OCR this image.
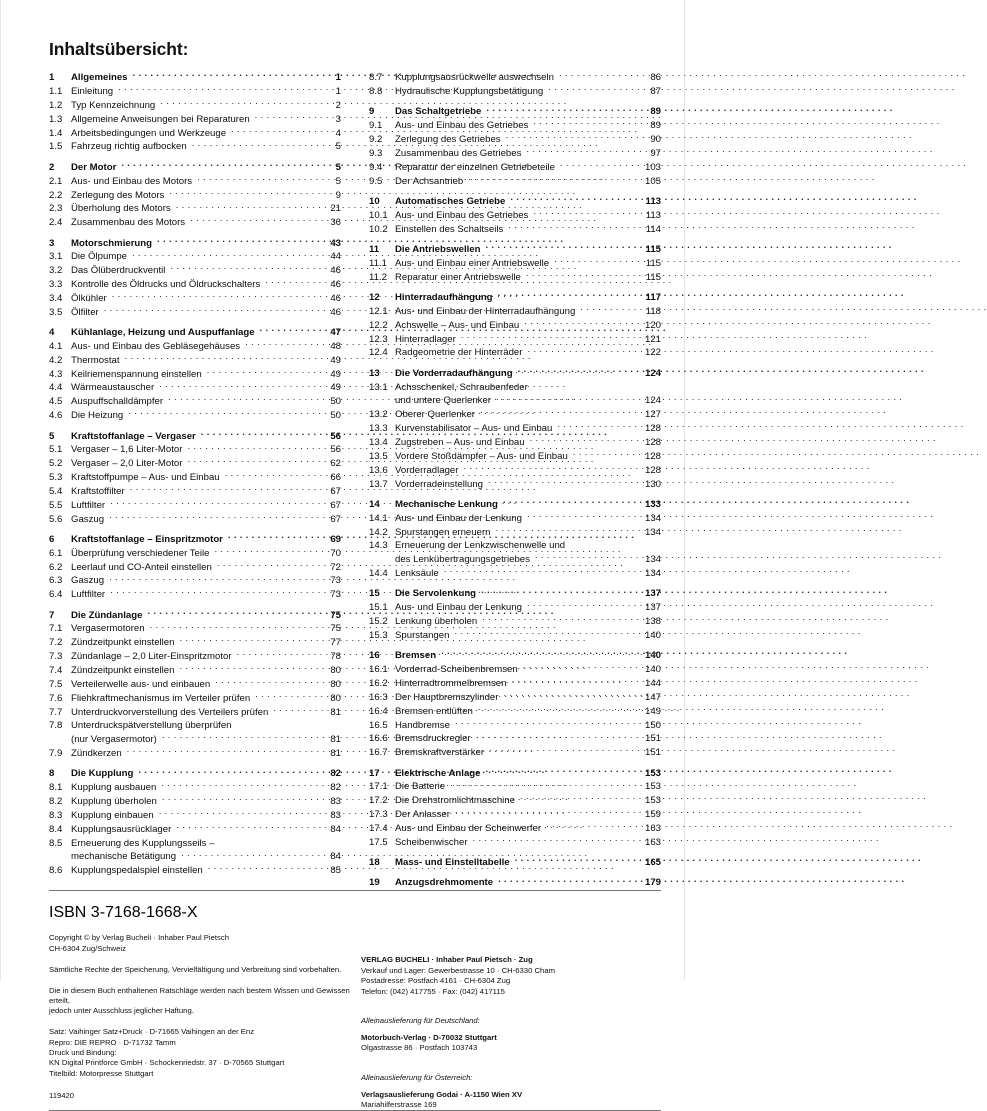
Inhaltsübersicht:
1	Allgemeines . . .	1
1.1 Einleitung . . .	1
1.2 Typ Kennzeichnung . . .	2
1.3 Allgemeine Anweisungen bei Reparaturen . . .	3
1.4 Arbeitsbedingungen und Werkzeuge . . .	4
1.5 Fahrzeug richtig aufbocken . . .	5
2	Der Motor . . .	5
2.1 Aus- und Einbau des Motors . . .	5
2.2 Zerlegung des Motors . . .	9
2.3 Überholung des Motors . . .	21
2.4 Zusammenbau des Motors . . .	36
3	Motorschmierung . . .	43
3.1 Die Ölpumpe . . .	44
3.2 Das Ölüberdruckventil . . .	46
3.3 Kontrolle des Öldrucks und Öldruckschalters . . .	46
3.4 Ölkühler . . .	46
3.5 Ölfilter . . .	46
4	Kühlanlage, Heizung und Auspuffanlage . . .	47
4.1 Aus- und Einbau des Gebläsegehäuses . . .	48
4.2 Thermostat . . .	49
4.3 Keilriemenspannung einstellen . . .	49
4.4 Wärmeaustauscher . . .	49
4.5 Auspuffschalldämpfer . . .	50
4.6 Die Heizung . . .	50
5	Kraftstoffanlage – Vergaser . . .	56
5.1 Vergaser – 1,6 Liter-Motor . . .	56
5.2 Vergaser – 2,0 Liter-Motor . . .	62
5.3 Kraftstoffpumpe – Aus- und Einbau . . .	66
5.4 Kraftstoffilter . . .	67
5.5 Luftfilter . . .	67
5.6 Gaszug . . .	67
6	Kraftstoffanlage – Einspritzmotor . . .	69
6.1 Überprüfung verschiedener Teile . . .	70
6.2 Leerlauf und CO-Anteil einstellen . . .	72
6.3 Gaszug . . .	73
6.4 Luftfilter . . .	73
7	Die Zündanlage . . .	75
7.1 Vergasermotoren . . .	75
7.2 Zündzeitpunkt einstellen . . .	77
7.3 Zündanlage – 2,0 Liter-Einspritzmotor . . .	78
7.4 Zündzeitpunkt einstellen . . .	80
7.5 Verteilerwelle aus- und einbauen . . .	80
7.6 Fliehkraftmechanismus im Verteiler prüfen . . .	80
7.7 Unterdruckvorverstellung des Verteilers prüfen . . .	81
7.8 Unterdruckspätverstellung überprüfen
(nur Vergasermotor) . . .	81
7.9 Zündkerzen . . .	81
8	Die Kupplung . . .	82
8.1 Kupplung ausbauen . . .	82
8.2 Kupplung überholen . . .	83
8.3 Kupplung einbauen . . .	83
8.4 Kupplungsausrücklager . . .	84
8.5 Erneuerung des Kupplungsseils –
mechanische Betätigung . . .	84
8.6 Kupplungspedalspiel einstellen . . .	85
8.7	Kupplungsausrückwelle auswechseln . . .	86
8.8	Hydraulische Kupplungsbetätigung . . .	87
9	Das Schaltgetriebe . . .	89
9.1	Aus- und Einbau des Getriebes . . .	89
9.2	Zerlegung des Getriebes . . .	90
9.3	Zusammenbau des Getriebes . . .	97
9.4	Reparatur der einzelnen Getriebeteile . . .	103
9.5	Der Achsantrieb . . .	105
10	Automatisches Getriebe . . .	113
10.1 Aus- und Einbau des Getriebes . . .	113
10.2 Einstellen des Schaltseils . . .	114
11	Die Antriebswellen . . .	115
11.1 Aus- und Einbau einer Antriebswelle . . .	115
11.2 Reparatur einer Antriebswelle . . .	115
12	Hinterradaufhängung . . .	117
12.1 Aus- und Einbau der Hinterradaufhängung . . .	118
12.2 Achswelle – Aus- und Einbau . . .	120
12.3 Hinterradlager . . .	121
12.4 Radgeometrie der Hinterräder . . .	122
13	Die Vorderradaufhängung . . .	124
13.1 Achsschenkel, Schraubenfeder
und untere Querlenker . . .	124
13.2 Oberer Querlenker . . .	127
13.3 Kurvenstabilisator – Aus- und Einbau . . .	128
13.4 Zugstreben – Aus- und Einbau . . .	128
13.5 Vordere Stoßdämpfer – Aus- und Einbau . . .	128
13.6 Vorderradlager . . .	128
13.7 Vorderradeinstellung . . .	130
14	Mechanische Lenkung . . .	133
14.1 Aus- und Einbau der Lenkung . . .	134
14.2 Spurstangen erneuern . . .	134
14.3 Erneuerung der Lenkzwischenwelle und
des Lenkübertragungsgetriebes . . .	134
14.4 Lenksäule . . .	134
15	Die Servolenkung . . .	137
15.1 Aus- und Einbau der Lenkung . . .	137
15.2 Lenkung überholen . . .	138
15.3 Spurstangen . . .	140
16	Bremsen . . .	140
16.1 Vorderrad-Scheibenbremsen . . .	140
16.2 Hinterradtrommelbremsen . . .	144
16.3 Der Hauptbremszylinder . . .	147
16.4 Bremsen entlüften . . .	149
16.5 Handbremse . . .	150
16.6 Bremsdruckregler . . .	151
16.7 Bremskraftverstärker . . .	151
17	Elektrische Anlage . . .	153
17.1 Die Batterie . . .	153
17.2 Die Drehstromlichtmaschine . . .	153
17.3 Der Anlasser . . .	159
17.4 Aus- und Einbau der Scheinwerfer . . .	163
17.5 Scheibenwischer . . .	163
18	Mass- und Einstelltabelle . . .	165
19	Anzugsdrehmomente . . .	179

ISBN 3-7168-1668-X

Copyright © by Verlag Bucheli · Inhaber Paul Pietsch

CH-6304 Zug/Schweiz

Sämtliche Rechte der Speicherung, Vervielfältigung und Verbreitung sind vorbehalten.

Die in diesem Buch enthaltenen Ratschläge werden nach bestem Wissen und Gewissen erteilt,

jedoch unter Ausschluss jeglicher Haftung.

Satz: Vaihinger Satz+Druck · D-71665 Vaihingen an der Enz

Repro: DIE REPRO · D-71732 Tamm

Druck und Bindung:

KN Digital Printforce GmbH · Schockenriedstr. 37 · D-70565 Stuttgart

Titelbild: Motorpresse Stuttgart

119420

VERLAG BUCHELI · Inhaber Paul Pietsch · Zug

Verkauf und Lager: Gewerbestrasse 10 · CH-6330 Cham

Postadresse: Postfach 4161 · CH-6304 Zug

Telefon: (042) 417755 · Fax: (042) 417115

Alleinauslieferung für Deutschland:

Motorbuch-Verlag · D-70032 Stuttgart

Olgastrasse 86 · Postfach 103743

Alleinauslieferung für Österreich:

Verlagsauslieferung Godai · A-1150 Wien XV

Mariahilferstrasse 169
